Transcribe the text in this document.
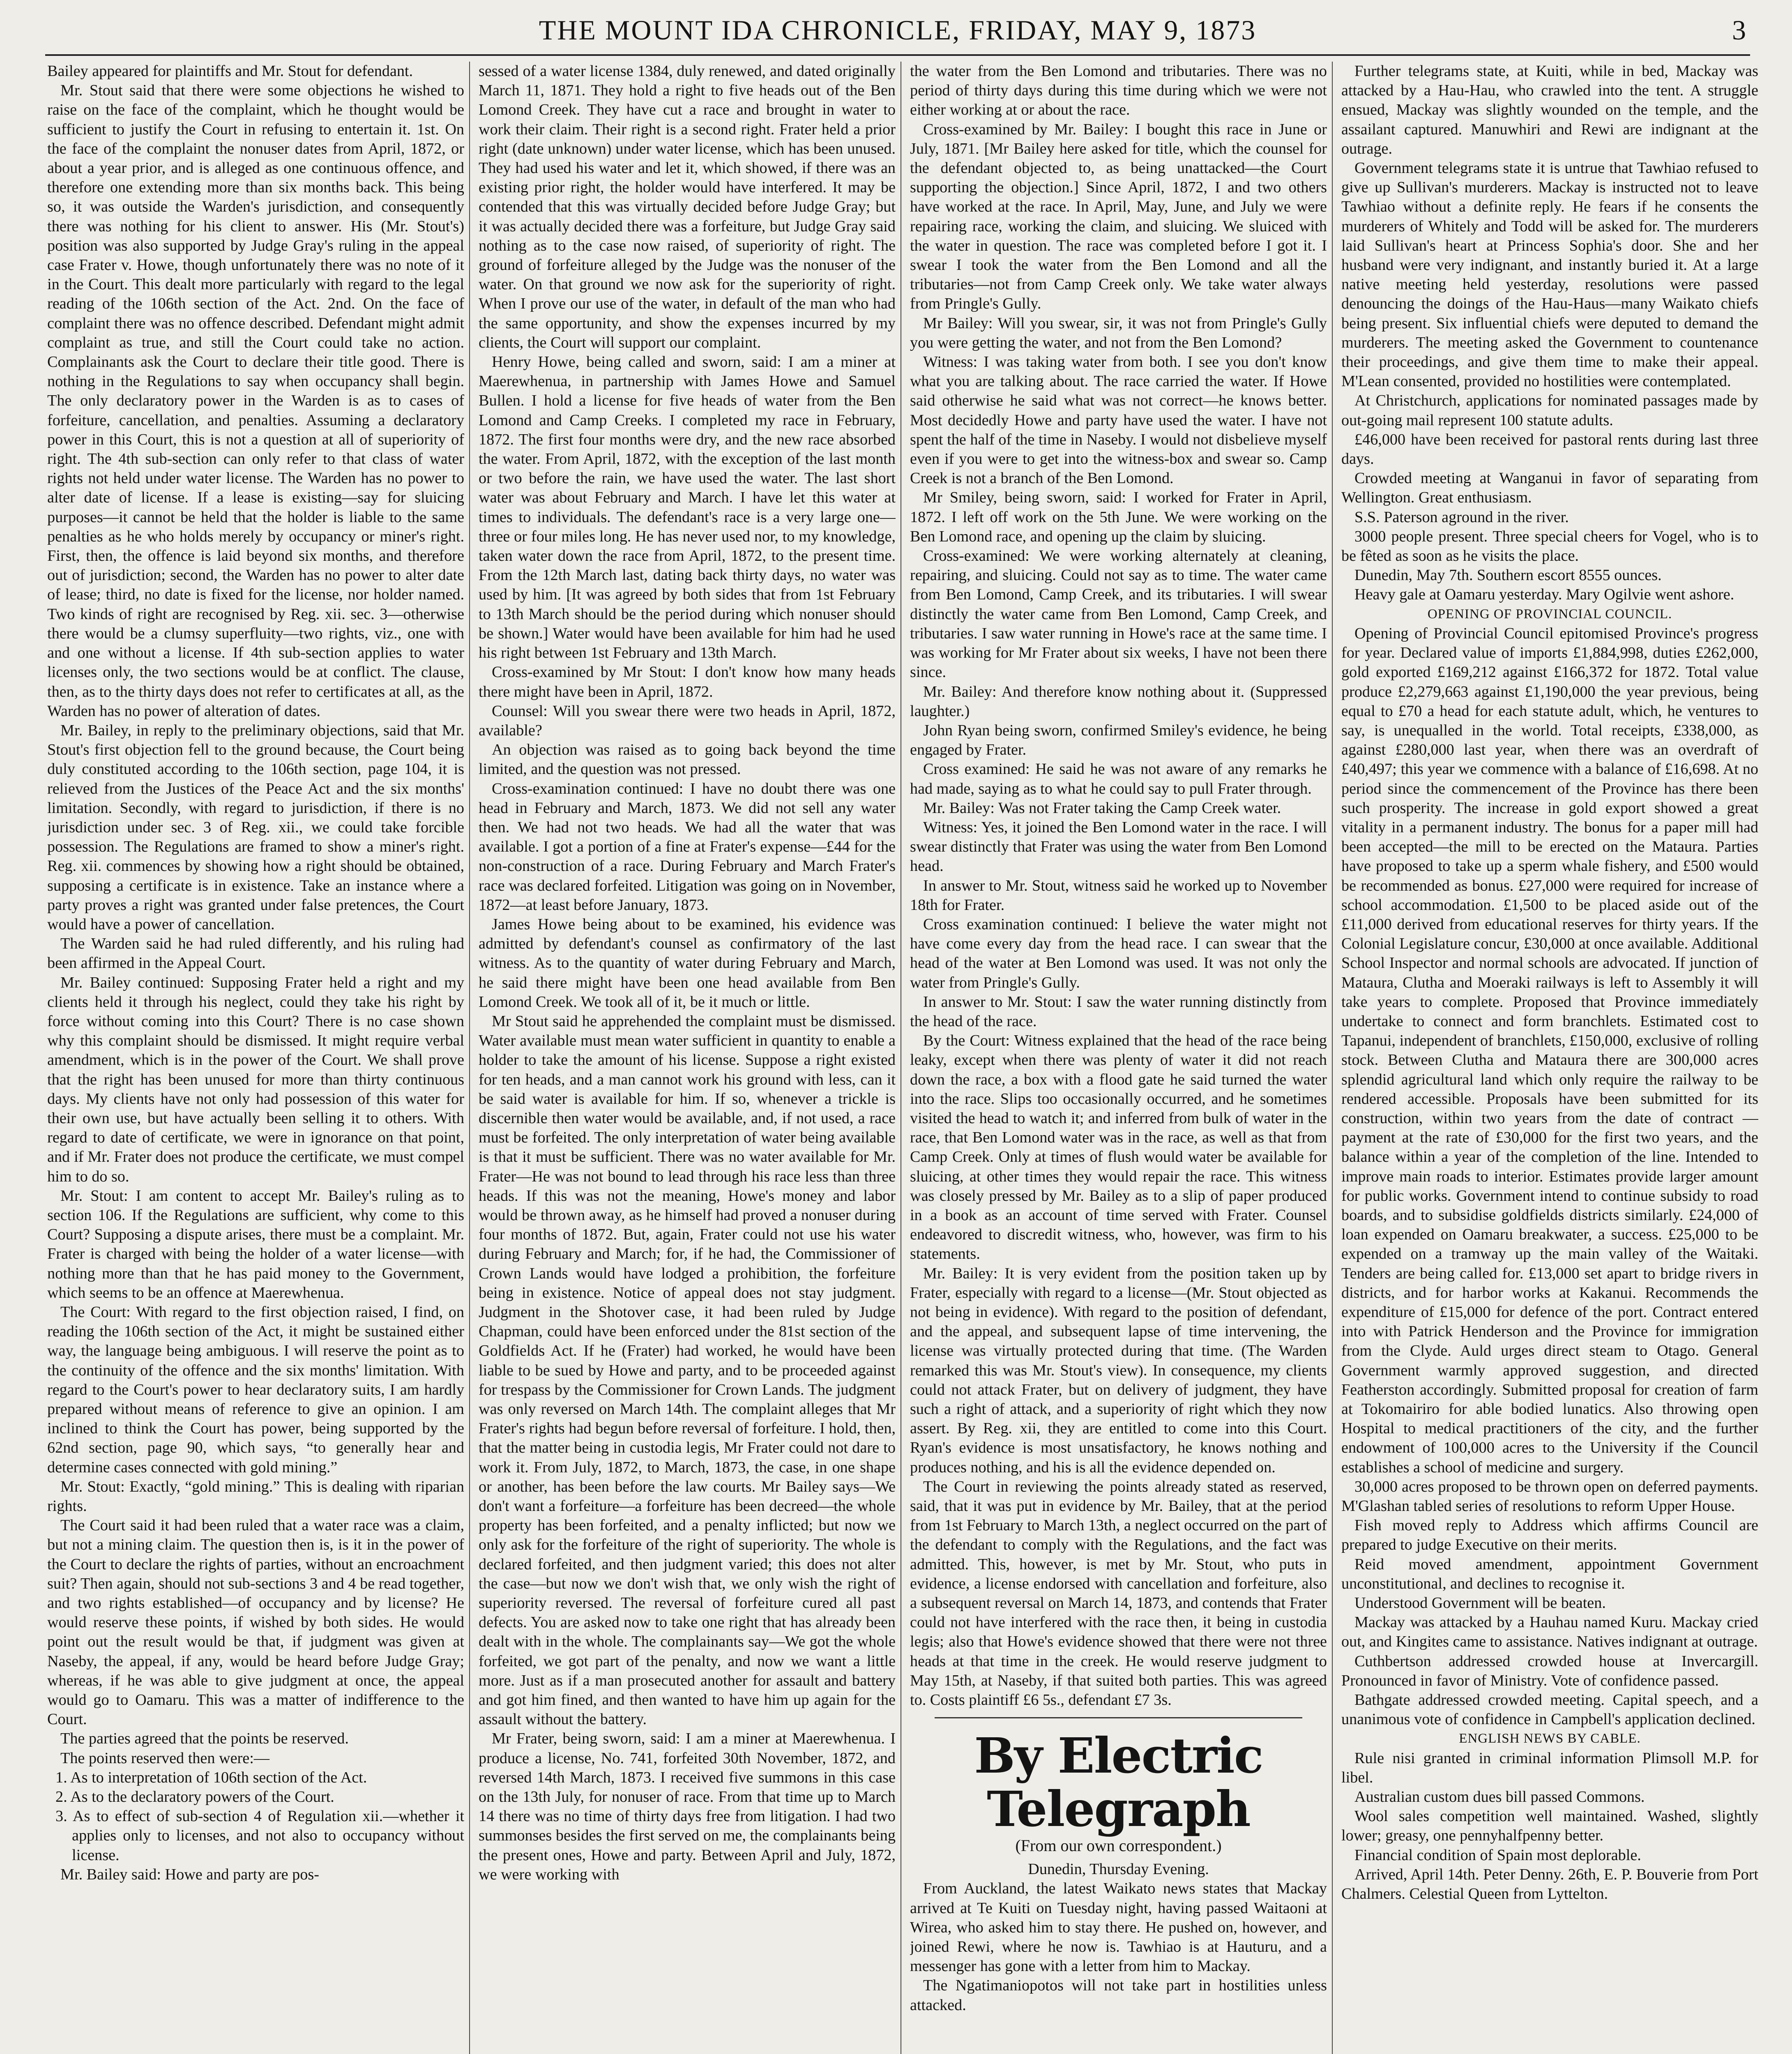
THE MOUNT IDA CHRONICLE, FRIDAY, MAY 9, 1873	3

Bailey appeared for plaintiffs and Mr. Stout for defendant.

Mr. Stout said that there were some objections he wished to raise on the face of the complaint, which he thought would be sufficient to justify the Court in refusing to entertain it. 1st. On the face of the complaint the nonuser dates from April, 1872, or about a year prior, and is alleged as one continuous offence, and therefore one extending more than six months back. This being so, it was outside the Warden's jurisdiction, and consequently there was nothing for his client to answer. His (Mr. Stout's) position was also supported by Judge Gray's ruling in the appeal case Frater v. Howe, though unfortunately there was no note of it in the Court. This dealt more particularly with regard to the legal reading of the 106th section of the Act. 2nd. On the face of complaint there was no offence described. Defendant might admit complaint as true, and still the Court could take no action. Complainants ask the Court to declare their title good. There is nothing in the Regulations to say when occupancy shall begin. The only declaratory power in the Warden is as to cases of forfeiture, cancellation, and penalties. Assuming a declaratory power in this Court, this is not a question at all of superiority of right. The 4th sub-section can only refer to that class of water rights not held under water license. The Warden has no power to alter date of license. If a lease is existing—say for sluicing purposes—it cannot be held that the holder is liable to the same penalties as he who holds merely by occupancy or miner's right. First, then, the offence is laid beyond six months, and therefore out of jurisdiction; second, the Warden has no power to alter date of lease; third, no date is fixed for the license, nor holder named. Two kinds of right are recognised by Reg. xii. sec. 3—otherwise there would be a clumsy superfluity—two rights, viz., one with and one without a license. If 4th sub-section applies to water licenses only, the two sections would be at conflict. The clause, then, as to the thirty days does not refer to certificates at all, as the Warden has no power of alteration of dates.

Mr. Bailey, in reply to the preliminary objections, said that Mr. Stout's first objection fell to the ground because, the Court being duly constituted according to the 106th section, page 104, it is relieved from the Justices of the Peace Act and the six months' limitation. Secondly, with regard to jurisdiction, if there is no jurisdiction under sec. 3 of Reg. xii., we could take forcible possession. The Regulations are framed to show a miner's right. Reg. xii. commences by showing how a right should be obtained, supposing a certificate is in existence. Take an instance where a party proves a right was granted under false pretences, the Court would have a power of cancellation.

The Warden said he had ruled differently, and his ruling had been affirmed in the Appeal Court.

Mr. Bailey continued: Supposing Frater held a right and my clients held it through his neglect, could they take his right by force without coming into this Court? There is no case shown why this complaint should be dismissed. It might require verbal amendment, which is in the power of the Court. We shall prove that the right has been unused for more than thirty continuous days. My clients have not only had possession of this water for their own use, but have actually been selling it to others. With regard to date of certificate, we were in ignorance on that point, and if Mr. Frater does not produce the certificate, we must compel him to do so.

Mr. Stout: I am content to accept Mr. Bailey's ruling as to section 106. If the Regulations are sufficient, why come to this Court? Supposing a dispute arises, there must be a complaint. Mr. Frater is charged with being the holder of a water license—with nothing more than that he has paid money to the Government, which seems to be an offence at Maerewhenua.

The Court: With regard to the first objection raised, I find, on reading the 106th section of the Act, it might be sustained either way, the language being ambiguous. I will reserve the point as to the continuity of the offence and the six months' limitation. With regard to the Court's power to hear declaratory suits, I am hardly prepared without means of reference to give an opinion. I am inclined to think the Court has power, being supported by the 62nd section, page 90, which says, “to generally hear and determine cases connected with gold mining.”

Mr. Stout: Exactly, “gold mining.” This is dealing with riparian rights.

The Court said it had been ruled that a water race was a claim, but not a mining claim. The question then is, is it in the power of the Court to declare the rights of parties, without an encroachment suit? Then again, should not sub-sections 3 and 4 be read together, and two rights established—of occupancy and by license? He would reserve these points, if wished by both sides. He would point out the result would be that, if judgment was given at Naseby, the appeal, if any, would be heard before Judge Gray; whereas, if he was able to give judgment at once, the appeal would go to Oamaru. This was a matter of indifference to the Court.

The parties agreed that the points be reserved.

The points reserved then were:—

1. As to interpretation of 106th section of the Act.

2. As to the declaratory powers of the Court.

3. As to effect of sub-section 4 of Regulation xii.—whether it applies only to licenses, and not also to occupancy without license.

Mr. Bailey said: Howe and party are pos-

sessed of a water license 1384, duly renewed, and dated originally March 11, 1871. They hold a right to five heads out of the Ben Lomond Creek. They have cut a race and brought in water to work their claim. Their right is a second right. Frater held a prior right (date unknown) under water license, which has been unused. They had used his water and let it, which showed, if there was an existing prior right, the holder would have interfered. It may be contended that this was virtually decided before Judge Gray; but it was actually decided there was a forfeiture, but Judge Gray said nothing as to the case now raised, of superiority of right. The ground of forfeiture alleged by the Judge was the nonuser of the water. On that ground we now ask for the superiority of right. When I prove our use of the water, in default of the man who had the same opportunity, and show the expenses incurred by my clients, the Court will support our complaint.

Henry Howe, being called and sworn, said: I am a miner at Maerewhenua, in partnership with James Howe and Samuel Bullen. I hold a license for five heads of water from the Ben Lomond and Camp Creeks. I completed my race in February, 1872. The first four months were dry, and the new race absorbed the water. From April, 1872, with the exception of the last month or two before the rain, we have used the water. The last short water was about February and March. I have let this water at times to individuals. The defendant's race is a very large one—three or four miles long. He has never used nor, to my knowledge, taken water down the race from April, 1872, to the present time. From the 12th March last, dating back thirty days, no water was used by him. [It was agreed by both sides that from 1st February to 13th March should be the period during which nonuser should be shown.] Water would have been available for him had he used his right between 1st February and 13th March.

Cross-examined by Mr Stout: I don't know how many heads there might have been in April, 1872.

Counsel: Will you swear there were two heads in April, 1872, available?

An objection was raised as to going back beyond the time limited, and the question was not pressed.

Cross-examination continued: I have no doubt there was one head in February and March, 1873. We did not sell any water then. We had not two heads. We had all the water that was available. I got a portion of a fine at Frater's expense—£44 for the non-construction of a race. During February and March Frater's race was declared forfeited. Litigation was going on in November, 1872—at least before January, 1873.

James Howe being about to be examined, his evidence was admitted by defendant's counsel as confirmatory of the last witness. As to the quantity of water during February and March, he said there might have been one head available from Ben Lomond Creek. We took all of it, be it much or little.

Mr Stout said he apprehended the complaint must be dismissed. Water available must mean water sufficient in quantity to enable a holder to take the amount of his license. Suppose a right existed for ten heads, and a man cannot work his ground with less, can it be said water is available for him. If so, whenever a trickle is discernible then water would be available, and, if not used, a race must be forfeited. The only interpretation of water being available is that it must be sufficient. There was no water available for Mr. Frater—He was not bound to lead through his race less than three heads. If this was not the meaning, Howe's money and labor would be thrown away, as he himself had proved a nonuser during four months of 1872. But, again, Frater could not use his water during February and March; for, if he had, the Commissioner of Crown Lands would have lodged a prohibition, the forfeiture being in existence. Notice of appeal does not stay judgment. Judgment in the Shotover case, it had been ruled by Judge Chapman, could have been enforced under the 81st section of the Goldfields Act. If he (Frater) had worked, he would have been liable to be sued by Howe and party, and to be proceeded against for trespass by the Commissioner for Crown Lands. The judgment was only reversed on March 14th. The complaint alleges that Mr Frater's rights had begun before reversal of forfeiture. I hold, then, that the matter being in custodia legis, Mr Frater could not dare to work it. From July, 1872, to March, 1873, the case, in one shape or another, has been before the law courts. Mr Bailey says—We don't want a forfeiture—a forfeiture has been decreed—the whole property has been forfeited, and a penalty inflicted; but now we only ask for the forfeiture of the right of superiority. The whole is declared forfeited, and then judgment varied; this does not alter the case—but now we don't wish that, we only wish the right of superiority reversed. The reversal of forfeiture cured all past defects. You are asked now to take one right that has already been dealt with in the whole. The complainants say—We got the whole forfeited, we got part of the penalty, and now we want a little more. Just as if a man prosecuted another for assault and battery and got him fined, and then wanted to have him up again for the assault without the battery.

Mr Frater, being sworn, said: I am a miner at Maerewhenua. I produce a license, No. 741, forfeited 30th November, 1872, and reversed 14th March, 1873. I received five summons in this case on the 13th July, for nonuser of race. From that time up to March 14 there was no time of thirty days free from litigation. I had two summonses besides the first served on me, the complainants being the present ones, Howe and party. Between April and July, 1872, we were working with

the water from the Ben Lomond and tributaries. There was no period of thirty days during this time during which we were not either working at or about the race.

Cross-examined by Mr. Bailey: I bought this race in June or July, 1871. [Mr Bailey here asked for title, which the counsel for the defendant objected to, as being unattacked—the Court supporting the objection.] Since April, 1872, I and two others have worked at the race. In April, May, June, and July we were repairing race, working the claim, and sluicing. We sluiced with the water in question. The race was completed before I got it. I swear I took the water from the Ben Lomond and all the tributaries—not from Camp Creek only. We take water always from Pringle's Gully.

Mr Bailey: Will you swear, sir, it was not from Pringle's Gully you were getting the water, and not from the Ben Lomond?

Witness: I was taking water from both. I see you don't know what you are talking about. The race carried the water. If Howe said otherwise he said what was not correct—he knows better. Most decidedly Howe and party have used the water. I have not spent the half of the time in Naseby. I would not disbelieve myself even if you were to get into the witness-box and swear so. Camp Creek is not a branch of the Ben Lomond.

Mr Smiley, being sworn, said: I worked for Frater in April, 1872. I left off work on the 5th June. We were working on the Ben Lomond race, and opening up the claim by sluicing.

Cross-examined: We were working alternately at cleaning, repairing, and sluicing. Could not say as to time. The water came from Ben Lomond, Camp Creek, and its tributaries. I will swear distinctly the water came from Ben Lomond, Camp Creek, and tributaries. I saw water running in Howe's race at the same time. I was working for Mr Frater about six weeks, I have not been there since.

Mr. Bailey: And therefore know nothing about it. (Suppressed laughter.)

John Ryan being sworn, confirmed Smiley's evidence, he being engaged by Frater.

Cross examined: He said he was not aware of any remarks he had made, saying as to what he could say to pull Frater through.

Mr. Bailey: Was not Frater taking the Camp Creek water.

Witness: Yes, it joined the Ben Lomond water in the race. I will swear distinctly that Frater was using the water from Ben Lomond head.

In answer to Mr. Stout, witness said he worked up to November 18th for Frater.

Cross examination continued: I believe the water might not have come every day from the head race. I can swear that the head of the water at Ben Lomond was used. It was not only the water from Pringle's Gully.

In answer to Mr. Stout: I saw the water running distinctly from the head of the race.

By the Court: Witness explained that the head of the race being leaky, except when there was plenty of water it did not reach down the race, a box with a flood gate he said turned the water into the race. Slips too occasionally occurred, and he sometimes visited the head to watch it; and inferred from bulk of water in the race, that Ben Lomond water was in the race, as well as that from Camp Creek. Only at times of flush would water be available for sluicing, at other times they would repair the race. This witness was closely pressed by Mr. Bailey as to a slip of paper produced in a book as an account of time served with Frater. Counsel endeavored to discredit witness, who, however, was firm to his statements.

Mr. Bailey: It is very evident from the position taken up by Frater, especially with regard to a license—(Mr. Stout objected as not being in evidence). With regard to the position of defendant, and the appeal, and subsequent lapse of time intervening, the license was virtually protected during that time. (The Warden remarked this was Mr. Stout's view). In consequence, my clients could not attack Frater, but on delivery of judgment, they have such a right of attack, and a superiority of right which they now assert. By Reg. xii, they are entitled to come into this Court. Ryan's evidence is most unsatisfactory, he knows nothing and produces nothing, and his is all the evidence depended on.

The Court in reviewing the points already stated as reserved, said, that it was put in evidence by Mr. Bailey, that at the period from 1st February to March 13th, a neglect occurred on the part of the defendant to comply with the Regulations, and the fact was admitted. This, however, is met by Mr. Stout, who puts in evidence, a license endorsed with cancellation and forfeiture, also a subsequent reversal on March 14, 1873, and contends that Frater could not have interfered with the race then, it being in custodia legis; also that Howe's evidence showed that there were not three heads at that time in the creek. He would reserve judgment to May 15th, at Naseby, if that suited both parties. This was agreed to. Costs plaintiff £6 5s., defendant £7 3s.

By Electric Telegraph
(From our own correspondent.)

Dunedin, Thursday Evening.

From Auckland, the latest Waikato news states that Mackay arrived at Te Kuiti on Tuesday night, having passed Waitaoni at Wirea, who asked him to stay there. He pushed on, however, and joined Rewi, where he now is. Tawhiao is at Hauturu, and a messenger has gone with a letter from him to Mackay.

The Ngatimaniopotos will not take part in hostilities unless attacked.

Further telegrams state, at Kuiti, while in bed, Mackay was attacked by a Hau-Hau, who crawled into the tent. A struggle ensued, Mackay was slightly wounded on the temple, and the assailant captured. Manuwhiri and Rewi are indignant at the outrage.

Government telegrams state it is untrue that Tawhiao refused to give up Sullivan's murderers. Mackay is instructed not to leave Tawhiao without a definite reply. He fears if he consents the murderers of Whitely and Todd will be asked for. The murderers laid Sullivan's heart at Princess Sophia's door. She and her husband were very indignant, and instantly buried it. At a large native meeting held yesterday, resolutions were passed denouncing the doings of the Hau-Haus—many Waikato chiefs being present. Six influential chiefs were deputed to demand the murderers. The meeting asked the Government to countenance their proceedings, and give them time to make their appeal. M'Lean consented, provided no hostilities were contemplated.

At Christchurch, applications for nominated passages made by out-going mail represent 100 statute adults.

£46,000 have been received for pastoral rents during last three days.

Crowded meeting at Wanganui in favor of separating from Wellington. Great enthusiasm.

S.S. Paterson aground in the river.

3000 people present. Three special cheers for Vogel, who is to be fêted as soon as he visits the place.

Dunedin, May 7th. Southern escort 8555 ounces.

Heavy gale at Oamaru yesterday. Mary Ogilvie went ashore.

OPENING OF PROVINCIAL COUNCIL.

Opening of Provincial Council epitomised Province's progress for year. Declared value of imports £1,884,998, duties £262,000, gold exported £169,212 against £166,372 for 1872. Total value produce £2,279,663 against £1,190,000 the year previous, being equal to £70 a head for each statute adult, which, he ventures to say, is unequalled in the world. Total receipts, £338,000, as against £280,000 last year, when there was an overdraft of £40,497; this year we commence with a balance of £16,698. At no period since the commencement of the Province has there been such prosperity. The increase in gold export showed a great vitality in a permanent industry. The bonus for a paper mill had been accepted—the mill to be erected on the Mataura. Parties have proposed to take up a sperm whale fishery, and £500 would be recommended as bonus. £27,000 were required for increase of school accommodation. £1,500 to be placed aside out of the £11,000 derived from educational reserves for thirty years. If the Colonial Legislature concur, £30,000 at once available. Additional School Inspector and normal schools are advocated. If junction of Mataura, Clutha and Moeraki railways is left to Assembly it will take years to complete. Proposed that Province immediately undertake to connect and form branchlets. Estimated cost to Tapanui, independent of branchlets, £150,000, exclusive of rolling stock. Between Clutha and Mataura there are 300,000 acres splendid agricultural land which only require the railway to be rendered accessible. Proposals have been submitted for its construction, within two years from the date of contract — payment at the rate of £30,000 for the first two years, and the balance within a year of the completion of the line. Intended to improve main roads to interior. Estimates provide larger amount for public works. Government intend to continue subsidy to road boards, and to subsidise goldfields districts similarly. £24,000 of loan expended on Oamaru breakwater, a success. £25,000 to be expended on a tramway up the main valley of the Waitaki. Tenders are being called for. £13,000 set apart to bridge rivers in districts, and for harbor works at Kakanui. Recommends the expenditure of £15,000 for defence of the port. Contract entered into with Patrick Henderson and the Province for immigration from the Clyde. Auld urges direct steam to Otago. General Government warmly approved suggestion, and directed Featherston accordingly. Submitted proposal for creation of farm at Tokomairiro for able bodied lunatics. Also throwing open Hospital to medical practitioners of the city, and the further endowment of 100,000 acres to the University if the Council establishes a school of medicine and surgery.

30,000 acres proposed to be thrown open on deferred payments. M'Glashan tabled series of resolutions to reform Upper House.

Fish moved reply to Address which affirms Council are prepared to judge Executive on their merits.

Reid moved amendment, appointment Government unconstitutional, and declines to recognise it.

Understood Government will be beaten.

Mackay was attacked by a Hauhau named Kuru. Mackay cried out, and Kingites came to assistance. Natives indignant at outrage.

Cuthbertson addressed crowded house at Invercargill. Pronounced in favor of Ministry. Vote of confidence passed.

Bathgate addressed crowded meeting. Capital speech, and a unanimous vote of confidence in Campbell's application declined.

ENGLISH NEWS BY CABLE.

Rule nisi granted in criminal information Plimsoll M.P. for libel.

Australian custom dues bill passed Commons.

Wool sales competition well maintained. Washed, slightly lower; greasy, one pennyhalfpenny better.

Financial condition of Spain most deplorable.

Arrived, April 14th. Peter Denny. 26th, E. P. Bouverie from Port Chalmers. Celestial Queen from Lyttelton.
